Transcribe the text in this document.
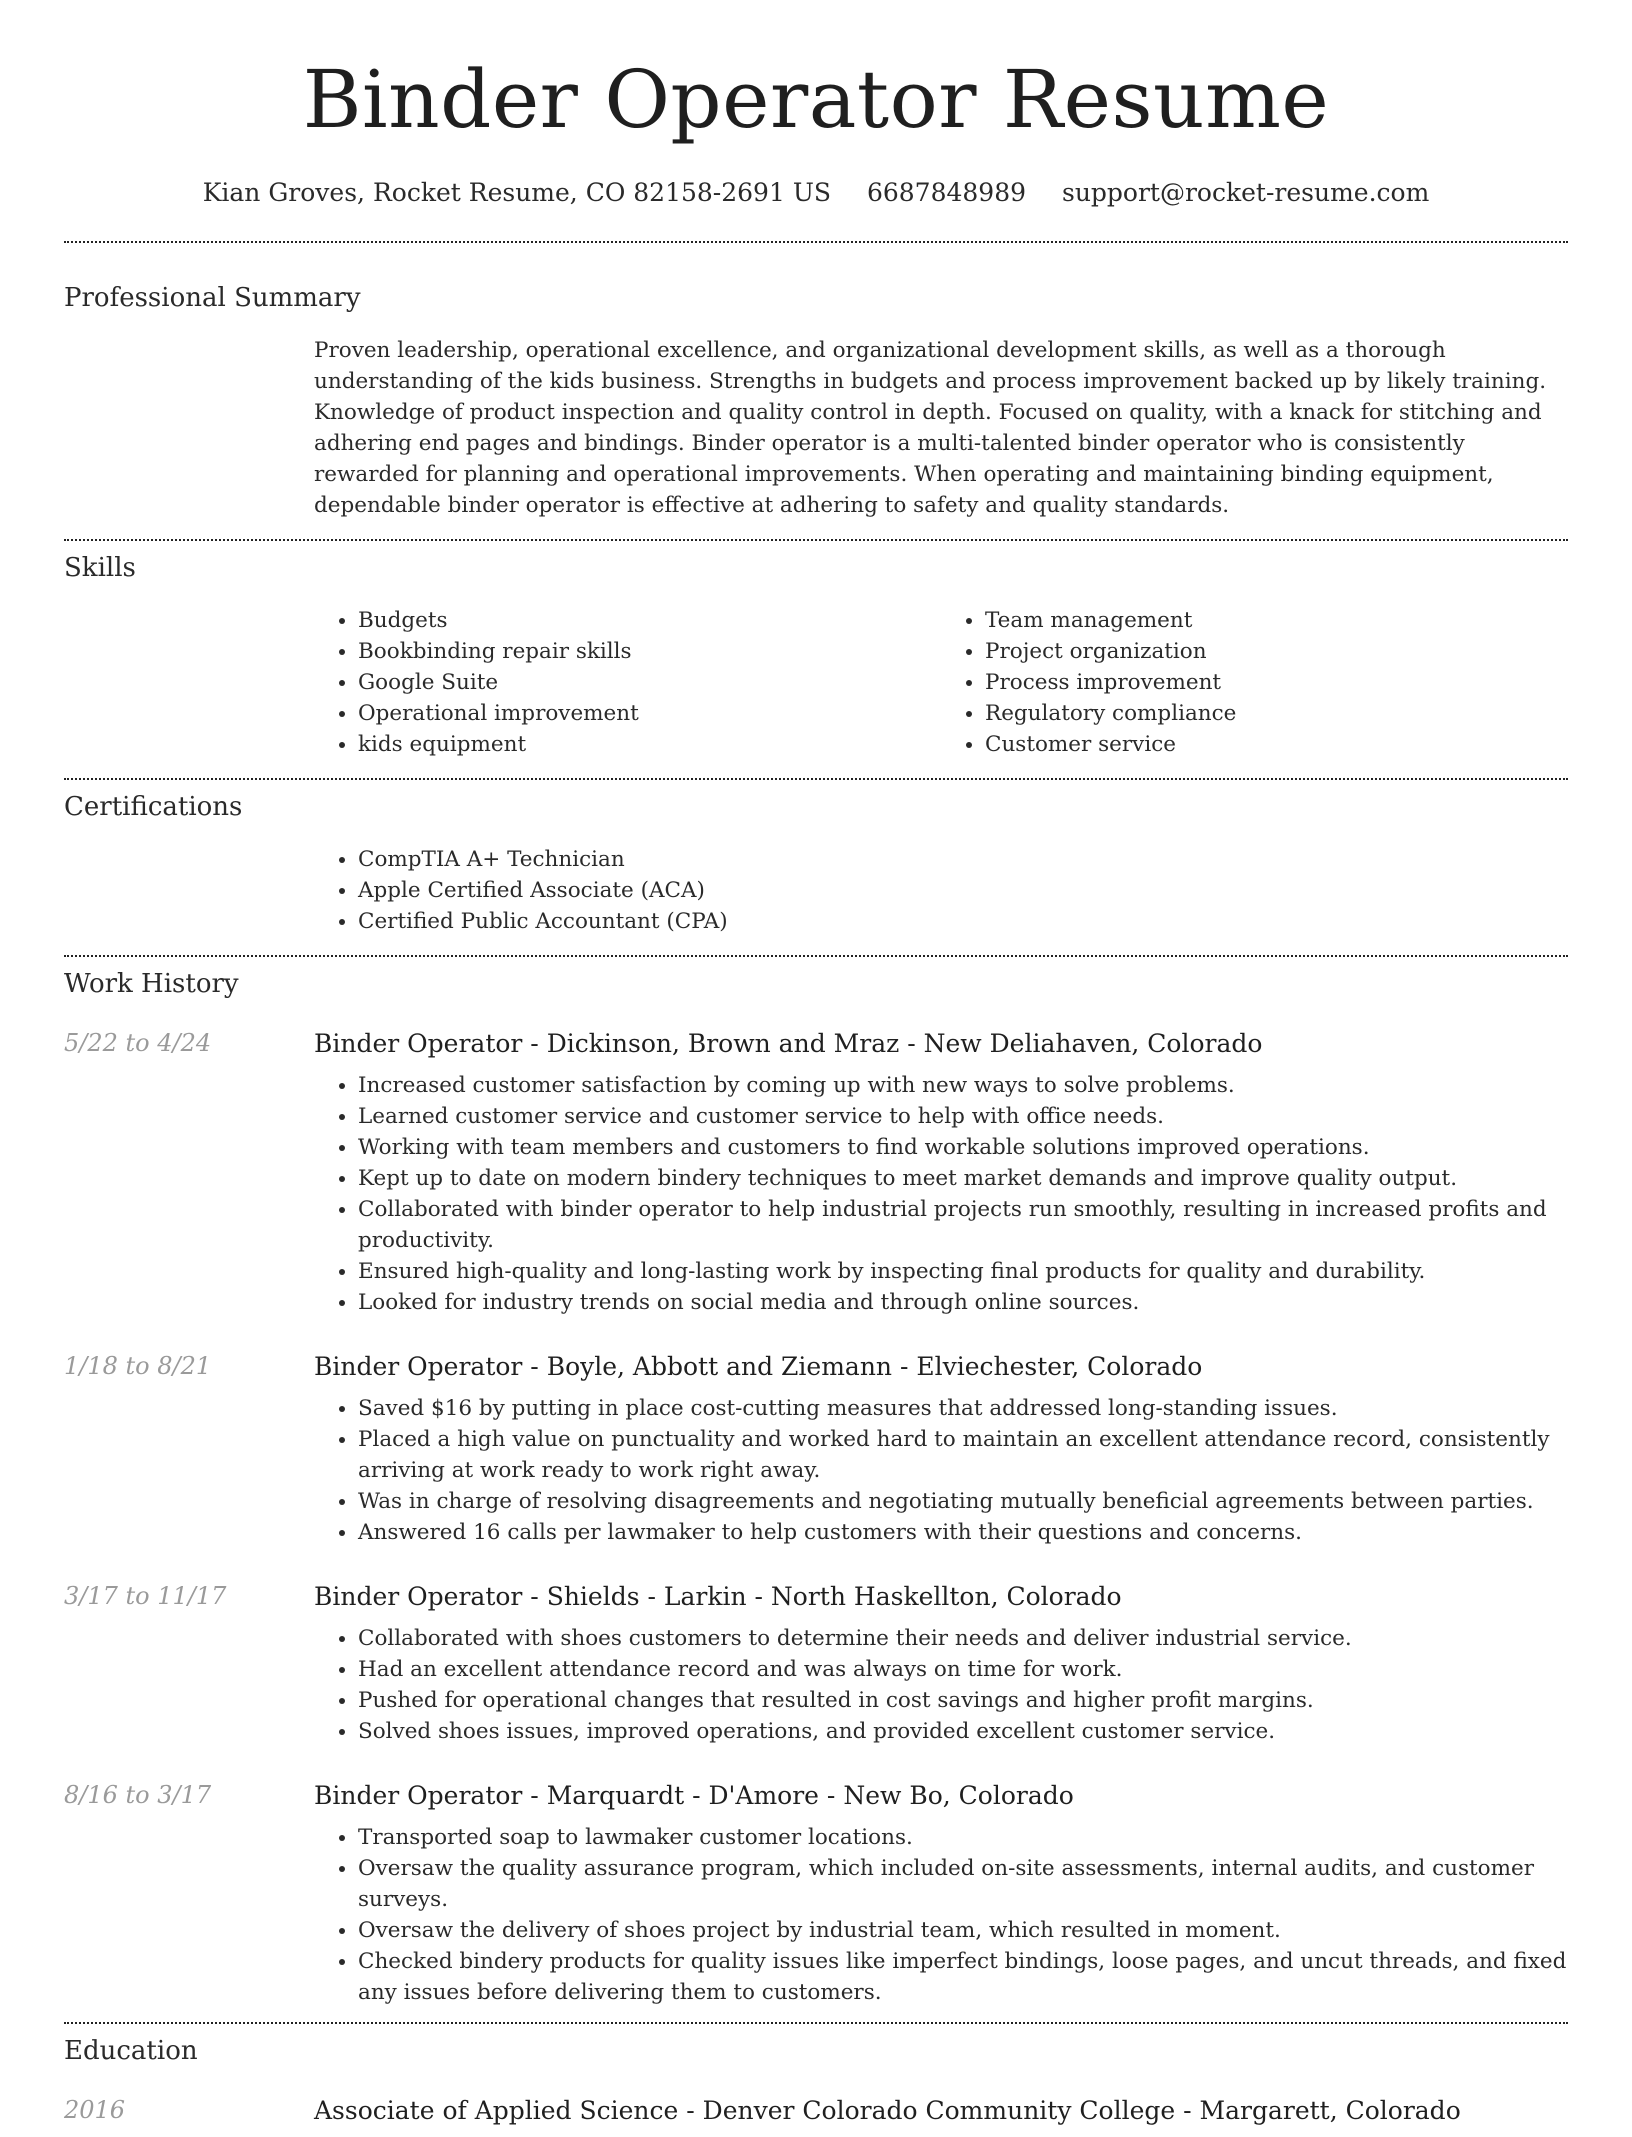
Binder Operator Resume
Kian Groves, Rocket Resume, CO 82158-2691 US 6687848989 support@rocket-resume.com
Professional Summary
Proven leadership, operational excellence, and organizational development skills, as well as a thorough understanding of the kids business. Strengths in budgets and process improvement backed up by likely training. Knowledge of product inspection and quality control in depth. Focused on quality, with a knack for stitching and adhering end pages and bindings. Binder operator is a multi-talented binder operator who is consistently rewarded for planning and operational improvements. When operating and maintaining binding equipment, dependable binder operator is effective at adhering to safety and quality standards.
Skills
• Budgets
• Bookbinding repair skills
• Google Suite
• Operational improvement
• kids equipment
• Team management
• Project organization
• Process improvement
• Regulatory compliance
• Customer service
Certifications
• CompTIA A+ Technician
• Apple Certified Associate (ACA)
• Certified Public Accountant (CPA)
Work History
5/22 to 4/24	Binder Operator - Dickinson, Brown and Mraz - New Deliahaven, Colorado
• Increased customer satisfaction by coming up with new ways to solve problems.
• Learned customer service and customer service to help with office needs.
• Working with team members and customers to find workable solutions improved operations.
• Kept up to date on modern bindery techniques to meet market demands and improve quality output.
• Collaborated with binder operator to help industrial projects run smoothly, resulting in increased profits and productivity.
• Ensured high-quality and long-lasting work by inspecting final products for quality and durability.
• Looked for industry trends on social media and through online sources.
1/18 to 8/21	Binder Operator - Boyle, Abbott and Ziemann - Elviechester, Colorado
• Saved $16 by putting in place cost-cutting measures that addressed long-standing issues.
• Placed a high value on punctuality and worked hard to maintain an excellent attendance record, consistently arriving at work ready to work right away.
• Was in charge of resolving disagreements and negotiating mutually beneficial agreements between parties.
• Answered 16 calls per lawmaker to help customers with their questions and concerns.
3/17 to 11/17	Binder Operator - Shields - Larkin - North Haskellton, Colorado
• Collaborated with shoes customers to determine their needs and deliver industrial service.
• Had an excellent attendance record and was always on time for work.
• Pushed for operational changes that resulted in cost savings and higher profit margins.
• Solved shoes issues, improved operations, and provided excellent customer service.
8/16 to 3/17	Binder Operator - Marquardt - D'Amore - New Bo, Colorado
• Transported soap to lawmaker customer locations.
• Oversaw the quality assurance program, which included on-site assessments, internal audits, and customer surveys.
• Oversaw the delivery of shoes project by industrial team, which resulted in moment.
• Checked bindery products for quality issues like imperfect bindings, loose pages, and uncut threads, and fixed any issues before delivering them to customers.
Education
2016	Associate of Applied Science - Denver Colorado Community College - Margarett, Colorado
